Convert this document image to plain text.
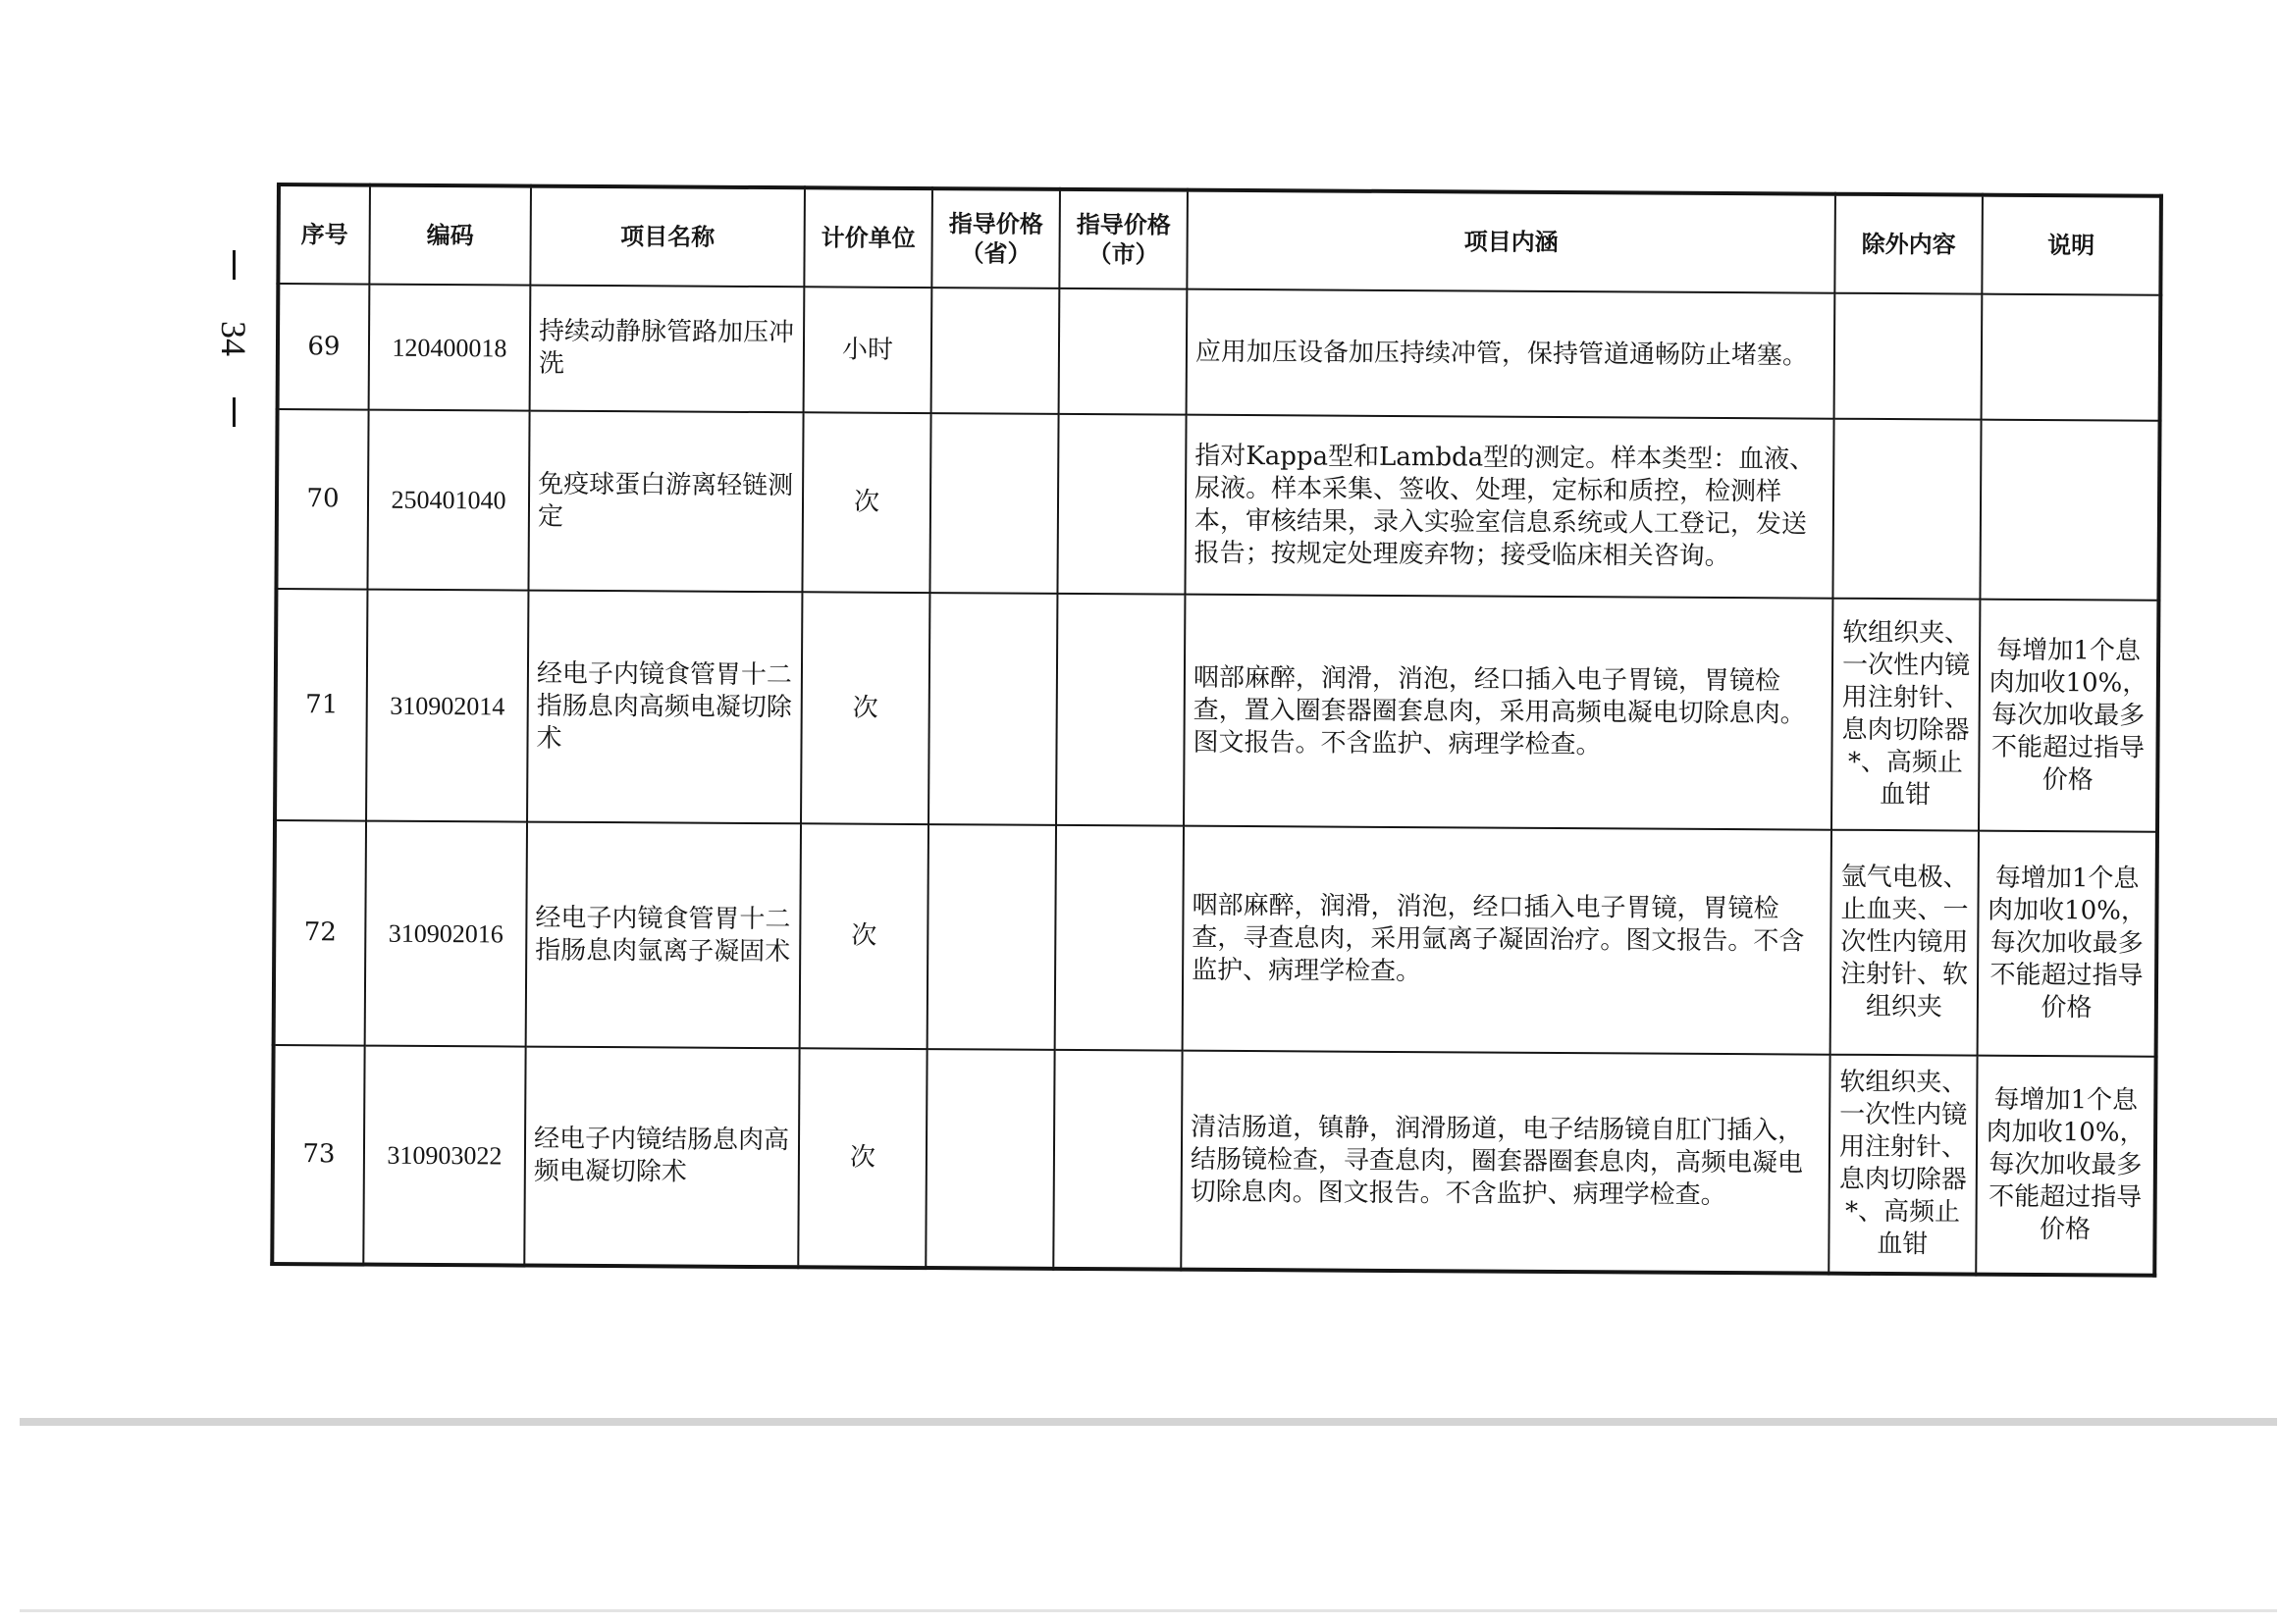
34
序号	编码	项目名称	计价单位	指导价格（省）	指导价格（市）	项目内涵	除外内容	说明
69	120400018	持续动静脉管路加压冲洗	小时			应用加压设备加压持续冲管，保持管道通畅防止堵塞。		
70	250401040	免疫球蛋白游离轻链测定	次			指对Kappa型和Lambda型的测定。样本类型：血液、尿液。样本采集、签收、处理，定标和质控，检测样本，审核结果，录入实验室信息系统或人工登记，发送报告；按规定处理废弃物；接受临床相关咨询。		
71	310902014	经电子内镜食管胃十二指肠息肉高频电凝切除术	次			咽部麻醉，润滑，消泡，经口插入电子胃镜，胃镜检查，置入圈套器圈套息肉，采用高频电凝电切除息肉。图文报告。不含监护、病理学检查。	软组织夹、一次性内镜用注射针、息肉切除器*、高频止血钳	每增加1个息肉加收10%，每次加收最多不能超过指导价格
72	310902016	经电子内镜食管胃十二指肠息肉氩离子凝固术	次			咽部麻醉，润滑，消泡，经口插入电子胃镜，胃镜检查，寻查息肉，采用氩离子凝固治疗。图文报告。不含监护、病理学检查。	氩气电极、止血夹、一次性内镜用注射针、软组织夹	每增加1个息肉加收10%，每次加收最多不能超过指导价格
73	310903022	经电子内镜结肠息肉高频电凝切除术	次			清洁肠道，镇静，润滑肠道，电子结肠镜自肛门插入，结肠镜检查，寻查息肉，圈套器圈套息肉，高频电凝电切除息肉。图文报告。不含监护、病理学检查。	软组织夹、一次性内镜用注射针、息肉切除器*、高频止血钳	每增加1个息肉加收10%，每次加收最多不能超过指导价格
